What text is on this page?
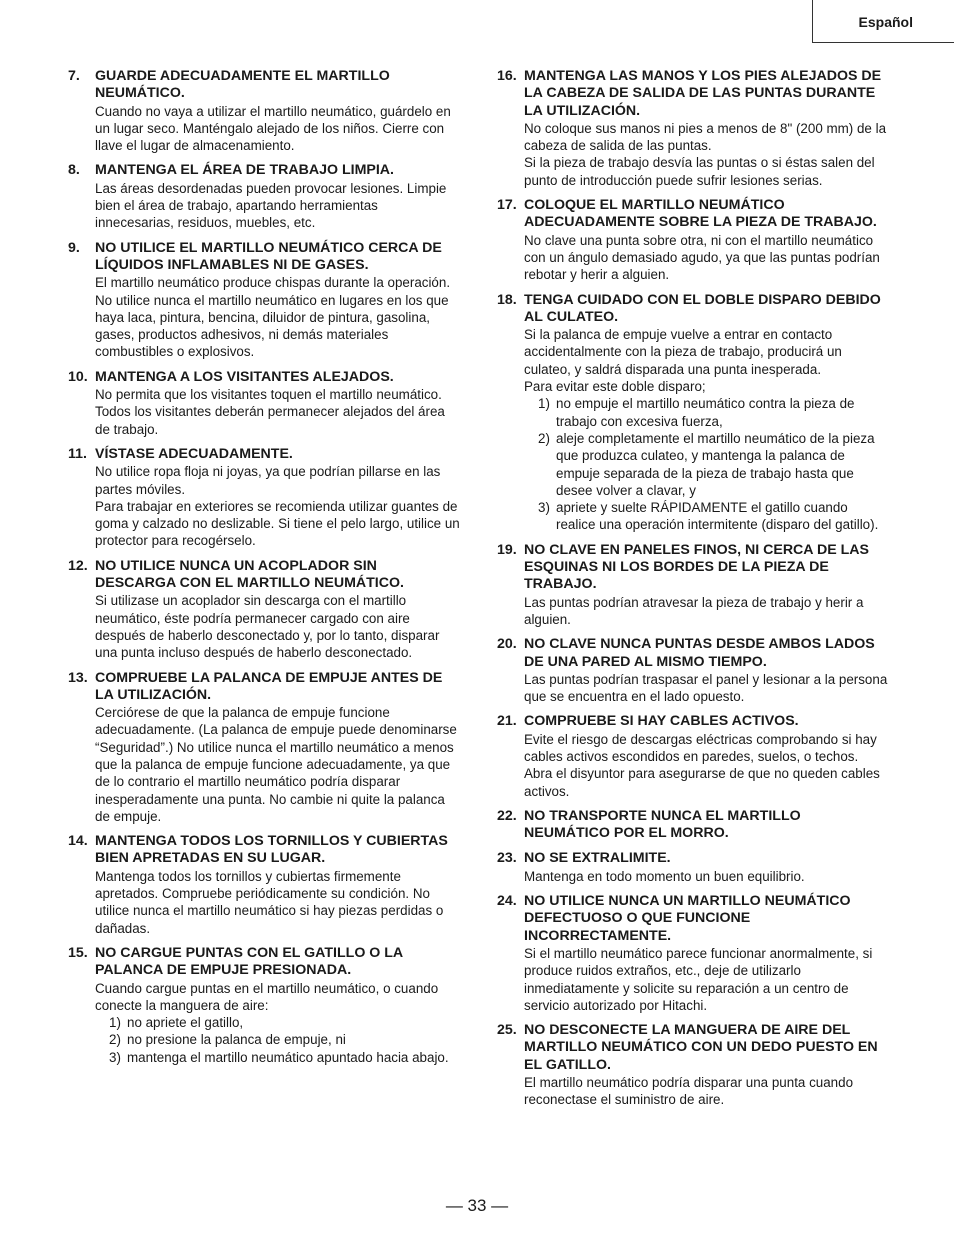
Español
7. GUARDE ADECUADAMENTE EL MARTILLO NEUMÁTICO.

Cuando no vaya a utilizar el martillo neumático, guárdelo en un lugar seco. Manténgalo alejado de los niños. Cierre con llave el lugar de almacenamiento.

8. MANTENGA EL ÁREA DE TRABAJO LIMPIA.

Las áreas desordenadas pueden provocar lesiones. Limpie bien el área de trabajo, apartando herramientas innecesarias, residuos, muebles, etc.

9. NO UTILICE EL MARTILLO NEUMÁTICO CERCA DE LÍQUIDOS INFLAMABLES NI DE GASES.

El martillo neumático produce chispas durante la operación.

No utilice nunca el martillo neumático en lugares en los que haya laca, pintura, bencina, diluidor de pintura, gasolina, gases, productos adhesivos, ni demás materiales combustibles o explosivos.

10. MANTENGA A LOS VISITANTES ALEJADOS.

No permita que los visitantes toquen el martillo neumático.

Todos los visitantes deberán permanecer alejados del área de trabajo.

11. VÍSTASE ADECUADAMENTE.

No utilice ropa floja ni joyas, ya que podrían pillarse en las partes móviles.

Para trabajar en exteriores se recomienda utilizar guantes de goma y calzado no deslizable. Si tiene el pelo largo, utilice un protector para recogérselo.

12. NO UTILICE NUNCA UN ACOPLADOR SIN DESCARGA CON EL MARTILLO NEUMÁTICO.

Si utilizase un acoplador sin descarga con el martillo neumático, éste podría permanecer cargado con aire después de haberlo desconectado y, por lo tanto, disparar una punta incluso después de haberlo desconectado.

13. COMPRUEBE LA PALANCA DE EMPUJE ANTES DE LA UTILIZACIÓN.

Cerciórese de que la palanca de empuje funcione adecuadamente. (La palanca de empuje puede denominarse “Seguridad”.) No utilice nunca el martillo neumático a menos que la palanca de empuje funcione adecuadamente, ya que de lo contrario el martillo neumático podría disparar inesperadamente una punta. No cambie ni quite la palanca de empuje.

14. MANTENGA TODOS LOS TORNILLOS Y CUBIERTAS BIEN APRETADAS EN SU LUGAR.

Mantenga todos los tornillos y cubiertas firmemente apretados. Compruebe periódicamente su condición. No utilice nunca el martillo neumático si hay piezas perdidas o dañadas.

15. NO CARGUE PUNTAS CON EL GATILLO O LA PALANCA DE EMPUJE PRESIONADA.

Cuando cargue puntas en el martillo neumático, o cuando conecte la manguera de aire:

1) no apriete el gatillo,
2) no presione la palanca de empuje, ni
3) mantenga el martillo neumático apuntado hacia abajo.
16. MANTENGA LAS MANOS Y LOS PIES ALEJADOS DE LA CABEZA DE SALIDA DE LAS PUNTAS DURANTE LA UTILIZACIÓN.

No coloque sus manos ni pies a menos de 8" (200 mm) de la cabeza de salida de las puntas.

Si la pieza de trabajo desvía las puntas o si éstas salen del punto de introducción puede sufrir lesiones serias.

17. COLOQUE EL MARTILLO NEUMÁTICO ADECUADAMENTE SOBRE LA PIEZA DE TRABAJO.

No clave una punta sobre otra, ni con el martillo neumático con un ángulo demasiado agudo, ya que las puntas podrían rebotar y herir a alguien.

18. TENGA CUIDADO CON EL DOBLE DISPARO DEBIDO AL CULATEO.

Si la palanca de empuje vuelve a entrar en contacto accidentalmente con la pieza de trabajo, producirá un culateo, y saldrá disparada una punta inesperada.

Para evitar este doble disparo;

1) no empuje el martillo neumático contra la pieza de trabajo con excesiva fuerza,
2) aleje completamente el martillo neumático de la pieza que produzca culateo, y mantenga la palanca de empuje separada de la pieza de trabajo hasta que desee volver a clavar, y
3) apriete y suelte RÁPIDAMENTE el gatillo cuando realice una operación intermitente (disparo del gatillo).
19. NO CLAVE EN PANELES FINOS, NI CERCA DE LAS ESQUINAS NI LOS BORDES DE LA PIEZA DE TRABAJO.

Las puntas podrían atravesar la pieza de trabajo y herir a alguien.

20. NO CLAVE NUNCA PUNTAS DESDE AMBOS LADOS DE UNA PARED AL MISMO TIEMPO.

Las puntas podrían traspasar el panel y lesionar a la persona que se encuentra en el lado opuesto.

21. COMPRUEBE SI HAY CABLES ACTIVOS.

Evite el riesgo de descargas eléctricas comprobando si hay cables activos escondidos en paredes, suelos, o techos. Abra el disyuntor para asegurarse de que no queden cables activos.

22. NO TRANSPORTE NUNCA EL MARTILLO NEUMÁTICO POR EL MORRO.
23. NO SE EXTRALIMITE.

Mantenga en todo momento un buen equilibrio.

24. NO UTILICE NUNCA UN MARTILLO NEUMÁTICO DEFECTUOSO O QUE FUNCIONE INCORRECTAMENTE.

Si el martillo neumático parece funcionar anormalmente, si produce ruidos extraños, etc., deje de utilizarlo inmediatamente y solicite su reparación a un centro de servicio autorizado por Hitachi.

25. NO DESCONECTE LA MANGUERA DE AIRE DEL MARTILLO NEUMÁTICO CON UN DEDO PUESTO EN EL GATILLO.

El martillo neumático podría disparar una punta cuando reconectase el suministro de aire.

— 33 —
